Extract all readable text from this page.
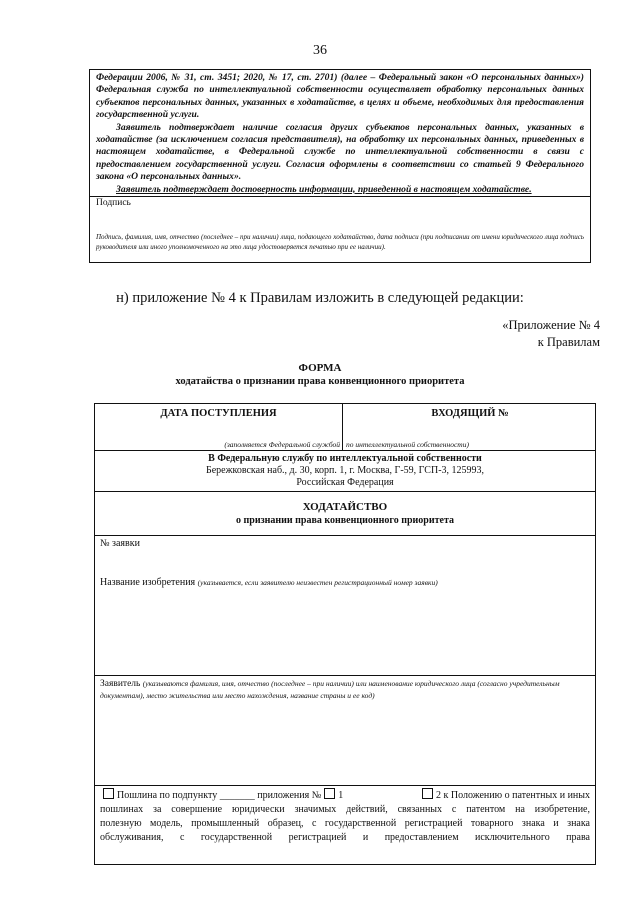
36

Федерации 2006, № 31, ст. 3451; 2020, № 17, ст. 2701) (далее – Федеральный закон «О персональных данных») Федеральная служба по интеллектуальной собственности осуществляет обработку персональных данных субъектов персональных данных, указанных в ходатайстве, в целях и объеме, необходимых для предоставления государственной услуги.

Заявитель подтверждает наличие согласия других субъектов персональных данных, указанных в ходатайстве (за исключением согласия представителя), на обработку их персональных данных, приведенных в настоящем ходатайстве, в Федеральной службе по интеллектуальной собственности в связи с предоставлением государственной услуги. Согласия оформлены в соответствии со статьей 9 Федерального закона «О персональных данных».

Заявитель подтверждает достоверность информации, приведенной в настоящем ходатайстве.

Подпись
Подпись, фамилия, имя, отчество (последнее – при наличии) лица, подающего ходатайство, дата подписи (при подписании от имени юридического лица подпись руководителя или иного уполномоченного на это лица удостоверяется печатью при ее наличии).
н) приложение № 4 к Правилам изложить в следующей редакции:
«Приложение № 4
к Правилам
ФОРМА
ходатайства о признании права конвенционного приоритета
ДАТА ПОСТУПЛЕНИЯ	ВХОДЯЩИЙ №
(заполняется Федеральной службой по интеллектуальной собственности)
В Федеральную службу по интеллектуальной собственности
Бережковская наб., д. 30, корп. 1, г. Москва, Г-59, ГСП-3, 125993,
Российская Федерация
ХОДАТАЙСТВО
о признании права конвенционного приоритета
№ заявки
Название изобретения (указывается, если заявителю неизвестен регистрационный номер заявки)
Заявитель (указываются фамилия, имя, отчество (последнее – при наличии) или наименование юридического лица (согласно учредительным документам), место жительства или место нахождения, название страны и ее код)
Пошлина по подпункту _______ приложения № 1	2 к Положению о патентных и иных
пошлинах за совершение юридически значимых действий, связанных с патентом на изобретение,
полезную модель, промышленный образец, с государственной регистрацией товарного знака и знака
обслуживания, с государственной регистрацией и предоставлением исключительного права
